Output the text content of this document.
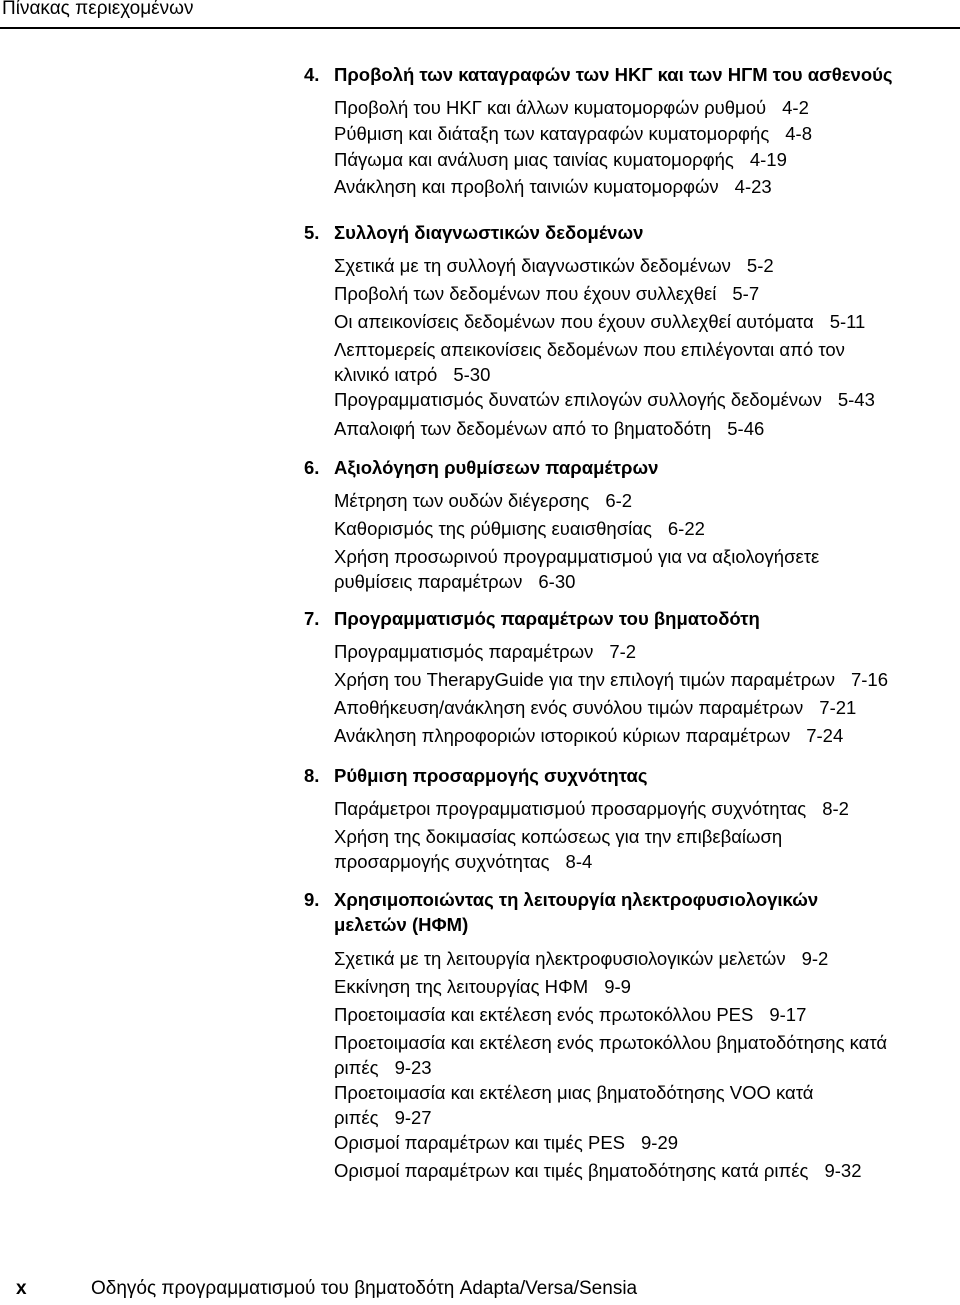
Πίνακας περιεχομένων
4. Προβολή των καταγραφών των ΗΚΓ και των ΗΓΜ του ασθενούς
Προβολή του ΗΚΓ και άλλων κυματομορφών ρυθμού 4-2
Ρύθμιση και διάταξη των καταγραφών κυματομορφής 4-8
Πάγωμα και ανάλυση μιας ταινίας κυματομορφής 4-19
Ανάκληση και προβολή ταινιών κυματομορφών 4-23
5. Συλλογή διαγνωστικών δεδομένων
Σχετικά με τη συλλογή διαγνωστικών δεδομένων 5-2
Προβολή των δεδομένων που έχουν συλλεχθεί 5-7
Οι απεικονίσεις δεδομένων που έχουν συλλεχθεί αυτόματα 5-11
Λεπτομερείς απεικονίσεις δεδομένων που επιλέγονται από τον
κλινικό ιατρό 5-30
Προγραμματισμός δυνατών επιλογών συλλογής δεδομένων 5-43
Απαλοιφή των δεδομένων από το βηματοδότη 5-46
6. Αξιολόγηση ρυθμίσεων παραμέτρων
Μέτρηση των ουδών διέγερσης 6-2
Καθορισμός της ρύθμισης ευαισθησίας 6-22
Χρήση προσωρινού προγραμματισμού για να αξιολογήσετε
ρυθμίσεις παραμέτρων 6-30
7. Προγραμματισμός παραμέτρων του βηματοδότη
Προγραμματισμός παραμέτρων 7-2
Χρήση του TherapyGuide για την επιλογή τιμών παραμέτρων 7-16
Αποθήκευση/ανάκληση ενός συνόλου τιμών παραμέτρων 7-21
Ανάκληση πληροφοριών ιστορικού κύριων παραμέτρων 7-24
8. Ρύθμιση προσαρμογής συχνότητας
Παράμετροι προγραμματισμού προσαρμογής συχνότητας 8-2
Χρήση της δοκιμασίας κοπώσεως για την επιβεβαίωση
προσαρμογής συχνότητας 8-4
9. Χρησιμοποιώντας τη λειτουργία ηλεκτροφυσιολογικών
μελετών (ΗΦΜ)
Σχετικά με τη λειτουργία ηλεκτροφυσιολογικών μελετών 9-2
Εκκίνηση της λειτουργίας ΗΦΜ 9-9
Προετοιμασία και εκτέλεση ενός πρωτοκόλλου PES 9-17
Προετοιμασία και εκτέλεση ενός πρωτοκόλλου βηματοδότησης κατά
ριπές 9-23
Προετοιμασία και εκτέλεση μιας βηματοδότησης VOO κατά
ριπές 9-27
Ορισμοί παραμέτρων και τιμές PES 9-29
Ορισμοί παραμέτρων και τιμές βηματοδότησης κατά ριπές 9-32
x	Οδηγός προγραμματισμού του βηματοδότη Adapta/Versa/Sensia
